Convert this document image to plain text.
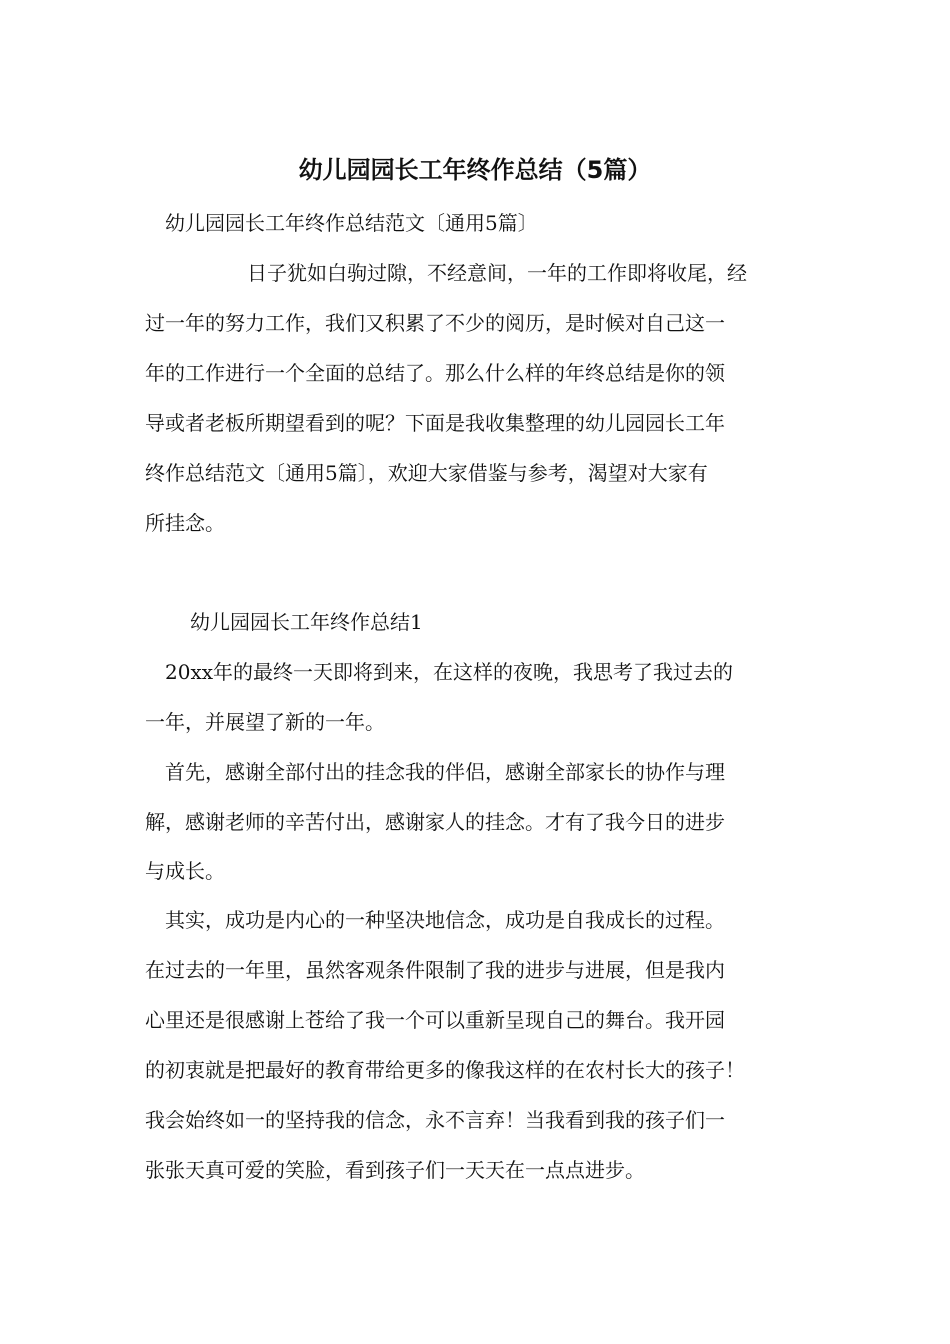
幼儿园园长工年终作总结（5篇）
幼儿园园长工年终作总结范文〔通用5篇〕
日子犹如白驹过隙，不经意间，一年的工作即将收尾，经
过一年的努力工作，我们又积累了不少的阅历，是时候对自己这一
年的工作进行一个全面的总结了。那么什么样的年终总结是你的领
导或者老板所期望看到的呢？下面是我收集整理的幼儿园园长工年
终作总结范文〔通用5篇〕，欢迎大家借鉴与参考，渴望对大家有
所挂念。
幼儿园园长工年终作总结1
20xx年的最终一天即将到来，在这样的夜晚，我思考了我过去的
一年，并展望了新的一年。
首先，感谢全部付出的挂念我的伴侣，感谢全部家长的协作与理
解，感谢老师的辛苦付出，感谢家人的挂念。才有了我今日的进步
与成长。
其实，成功是内心的一种坚决地信念，成功是自我成长的过程。
在过去的一年里，虽然客观条件限制了我的进步与进展，但是我内
心里还是很感谢上苍给了我一个可以重新呈现自己的舞台。我开园
的初衷就是把最好的教育带给更多的像我这样的在农村长大的孩子！
我会始终如一的坚持我的信念，永不言弃！当我看到我的孩子们一
张张天真可爱的笑脸，看到孩子们一天天在一点点进步。
